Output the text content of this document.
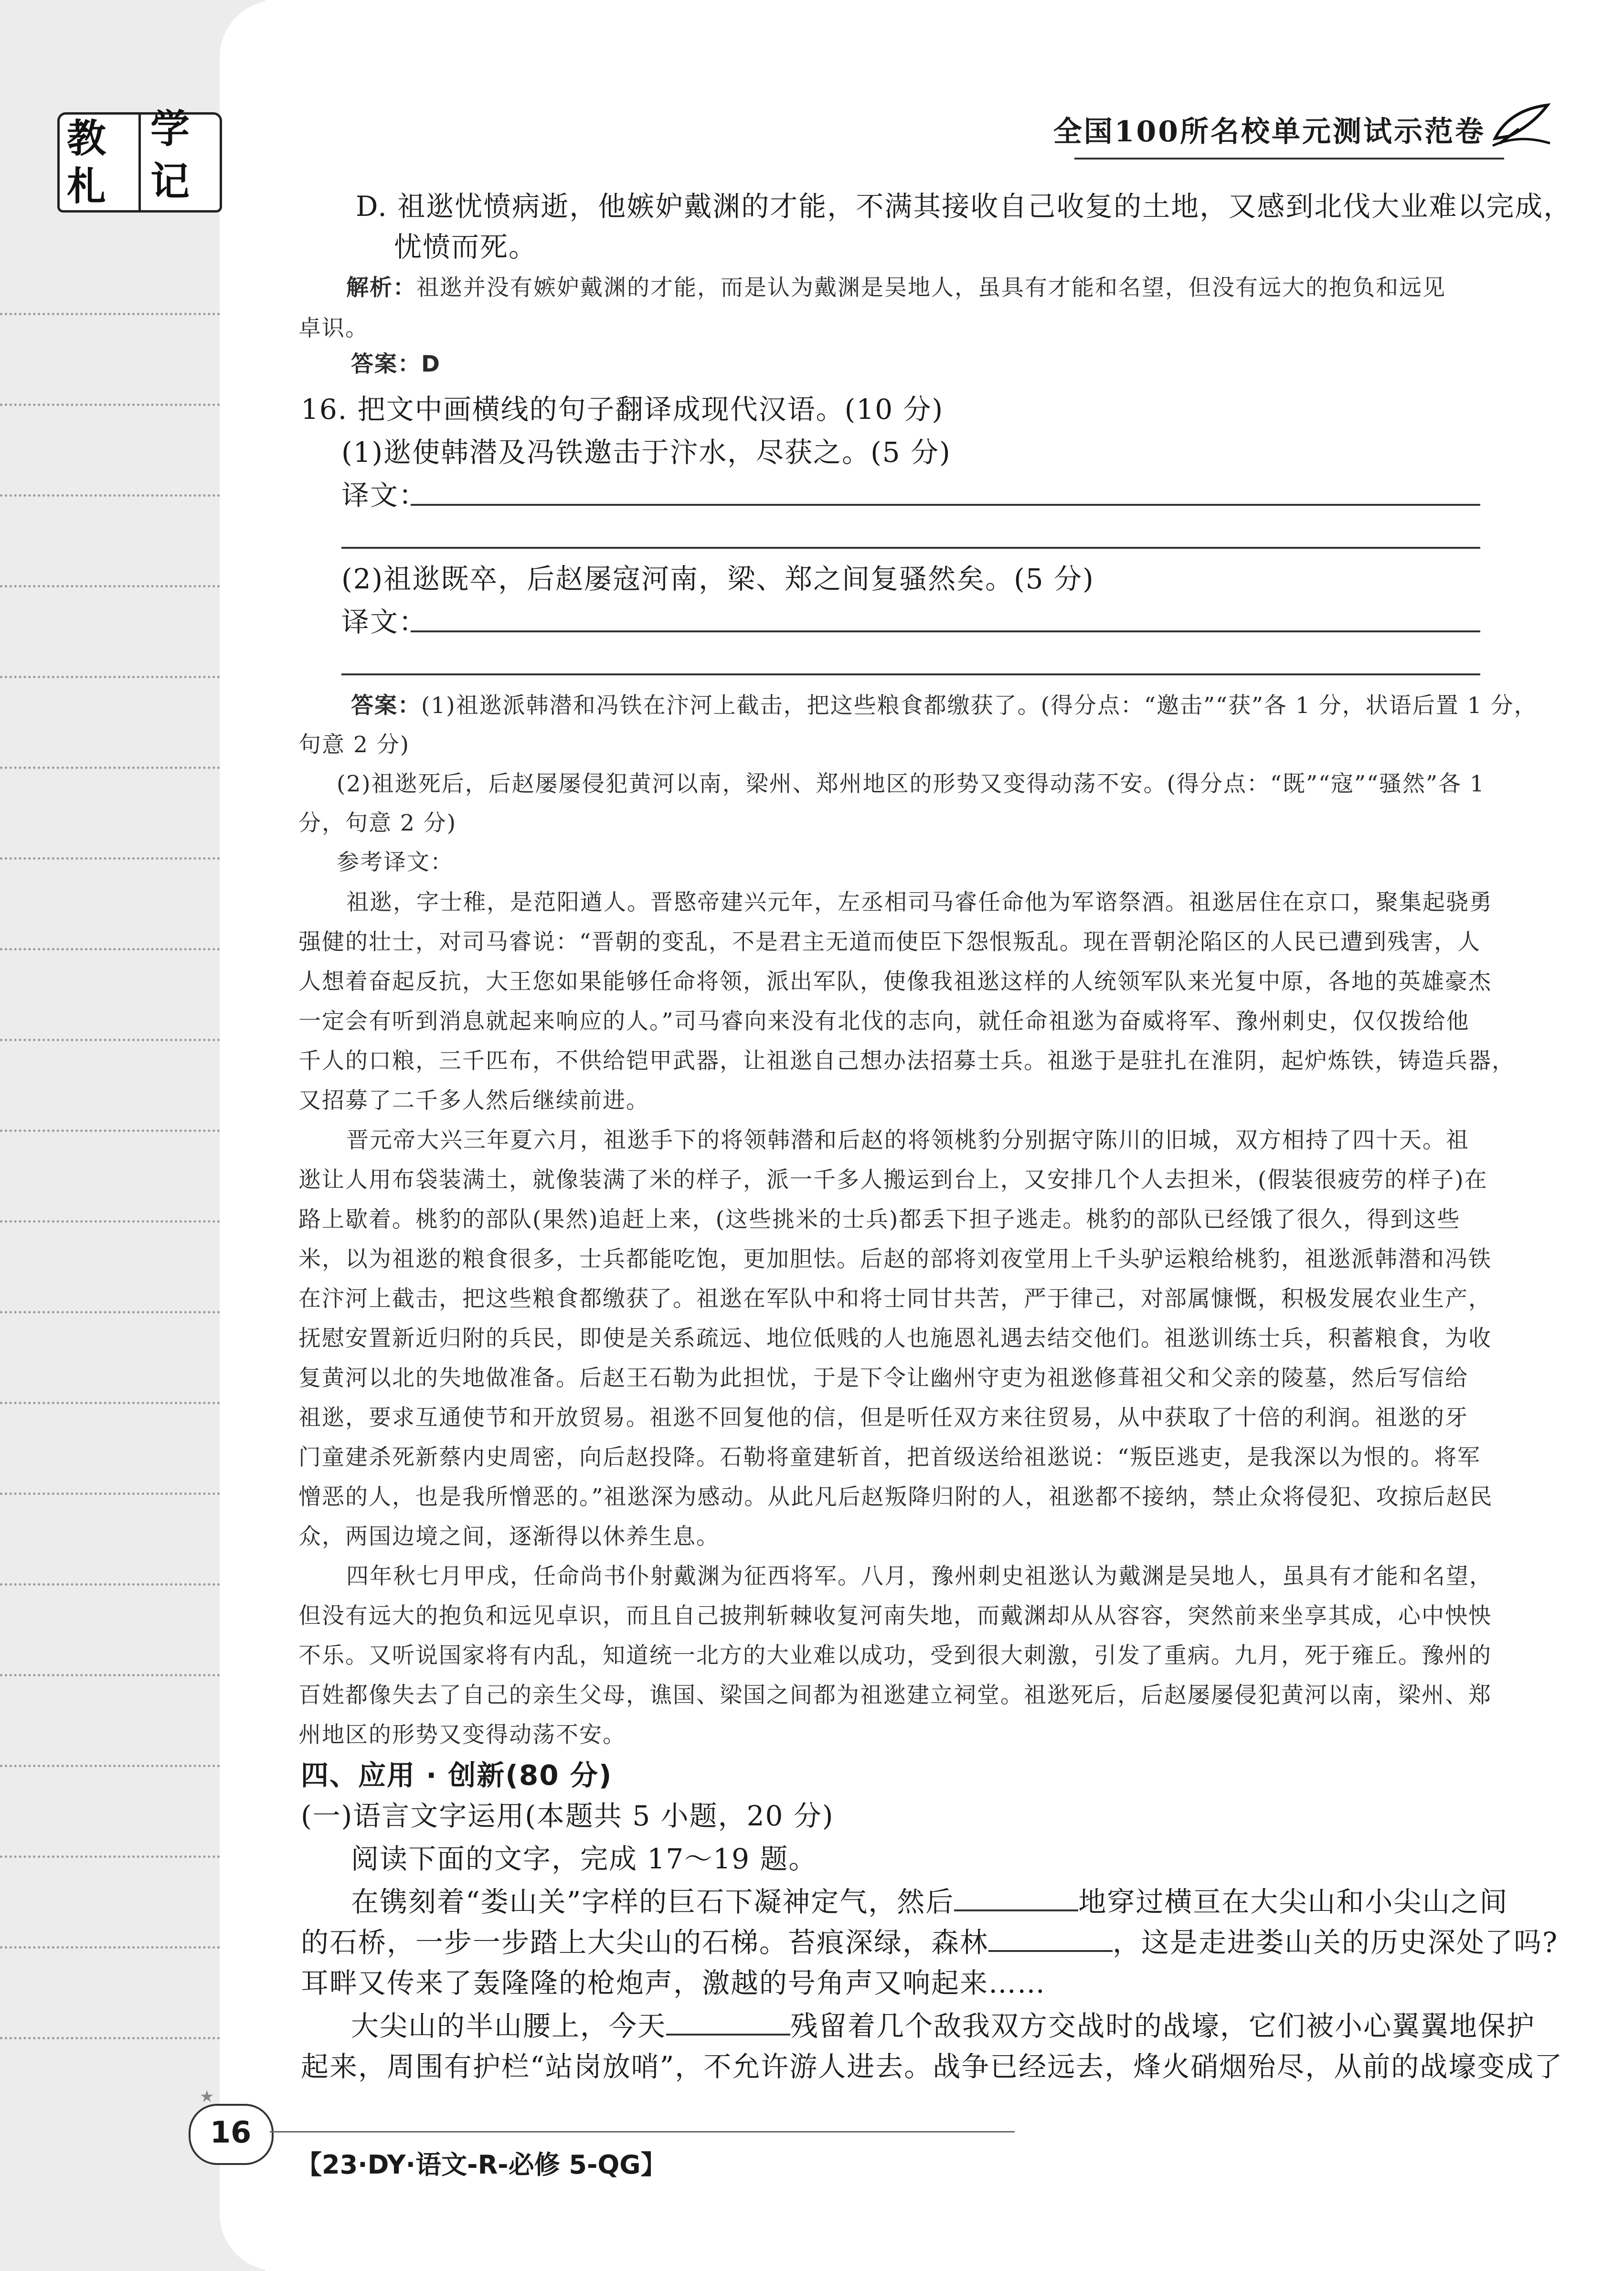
教 学
札 记
全国100所名校单元测试示范卷
D. 祖逖忧愤病逝，他嫉妒戴渊的才能，不满其接收自己收复的土地，又感到北伐大业难以完成，
忧愤而死。
解析：祖逖并没有嫉妒戴渊的才能，而是认为戴渊是吴地人，虽具有才能和名望，但没有远大的抱负和远见
卓识。
答案：D
16. 把文中画横线的句子翻译成现代汉语。(10 分)
(1)逖使韩潜及冯铁邀击于汴水，尽获之。(5 分)
译文：
(2)祖逖既卒，后赵屡寇河南，梁、郑之间复骚然矣。(5 分)
译文：
答案：(1)祖逖派韩潜和冯铁在汴河上截击，把这些粮食都缴获了。(得分点：“邀击”“获”各 1 分，状语后置 1 分，
句意 2 分)
(2)祖逖死后，后赵屡屡侵犯黄河以南，梁州、郑州地区的形势又变得动荡不安。(得分点：“既”“寇”“骚然”各 1
分，句意 2 分)
参考译文：
祖逖，字士稚，是范阳遒人。晋愍帝建兴元年，左丞相司马睿任命他为军谘祭酒。祖逖居住在京口，聚集起骁勇
强健的壮士，对司马睿说：“晋朝的变乱，不是君主无道而使臣下怨恨叛乱。现在晋朝沦陷区的人民已遭到残害，人
人想着奋起反抗，大王您如果能够任命将领，派出军队，使像我祖逖这样的人统领军队来光复中原，各地的英雄豪杰
一定会有听到消息就起来响应的人。”司马睿向来没有北伐的志向，就任命祖逖为奋威将军、豫州刺史，仅仅拨给他
千人的口粮，三千匹布，不供给铠甲武器，让祖逖自己想办法招募士兵。祖逖于是驻扎在淮阴，起炉炼铁，铸造兵器，
又招募了二千多人然后继续前进。
晋元帝大兴三年夏六月，祖逖手下的将领韩潜和后赵的将领桃豹分别据守陈川的旧城，双方相持了四十天。祖
逖让人用布袋装满土，就像装满了米的样子，派一千多人搬运到台上，又安排几个人去担米，(假装很疲劳的样子)在
路上歇着。桃豹的部队(果然)追赶上来，(这些挑米的士兵)都丢下担子逃走。桃豹的部队已经饿了很久，得到这些
米，以为祖逖的粮食很多，士兵都能吃饱，更加胆怯。后赵的部将刘夜堂用上千头驴运粮给桃豹，祖逖派韩潜和冯铁
在汴河上截击，把这些粮食都缴获了。祖逖在军队中和将士同甘共苦，严于律己，对部属慷慨，积极发展农业生产，
抚慰安置新近归附的兵民，即使是关系疏远、地位低贱的人也施恩礼遇去结交他们。祖逖训练士兵，积蓄粮食，为收
复黄河以北的失地做准备。后赵王石勒为此担忧，于是下令让幽州守吏为祖逖修葺祖父和父亲的陵墓，然后写信给
祖逖，要求互通使节和开放贸易。祖逖不回复他的信，但是听任双方来往贸易，从中获取了十倍的利润。祖逖的牙
门童建杀死新蔡内史周密，向后赵投降。石勒将童建斩首，把首级送给祖逖说：“叛臣逃吏，是我深以为恨的。将军
憎恶的人，也是我所憎恶的。”祖逖深为感动。从此凡后赵叛降归附的人，祖逖都不接纳，禁止众将侵犯、攻掠后赵民
众，两国边境之间，逐渐得以休养生息。
四年秋七月甲戌，任命尚书仆射戴渊为征西将军。八月，豫州刺史祖逖认为戴渊是吴地人，虽具有才能和名望，
但没有远大的抱负和远见卓识，而且自己披荆斩棘收复河南失地，而戴渊却从从容容，突然前来坐享其成，心中怏怏
不乐。又听说国家将有内乱，知道统一北方的大业难以成功，受到很大刺激，引发了重病。九月，死于雍丘。豫州的
百姓都像失去了自己的亲生父母，谯国、梁国之间都为祖逖建立祠堂。祖逖死后，后赵屡屡侵犯黄河以南，梁州、郑
州地区的形势又变得动荡不安。
四、应用 · 创新(80 分)
(一)语言文字运用(本题共 5 小题，20 分)
阅读下面的文字，完成 17～19 题。
在镌刻着“娄山关”字样的巨石下凝神定气，然后	地穿过横亘在大尖山和小尖山之间
的石桥，一步一步踏上大尖山的石梯。苔痕深绿，森林	，这是走进娄山关的历史深处了吗?
耳畔又传来了轰隆隆的枪炮声，激越的号角声又响起来……
大尖山的半山腰上，今天	残留着几个敌我双方交战时的战壕，它们被小心翼翼地保护
起来，周围有护栏“站岗放哨”，不允许游人进去。战争已经远去，烽火硝烟殆尽，从前的战壕变成了
★
16
【23·DY·语文-R-必修 5-QG】
